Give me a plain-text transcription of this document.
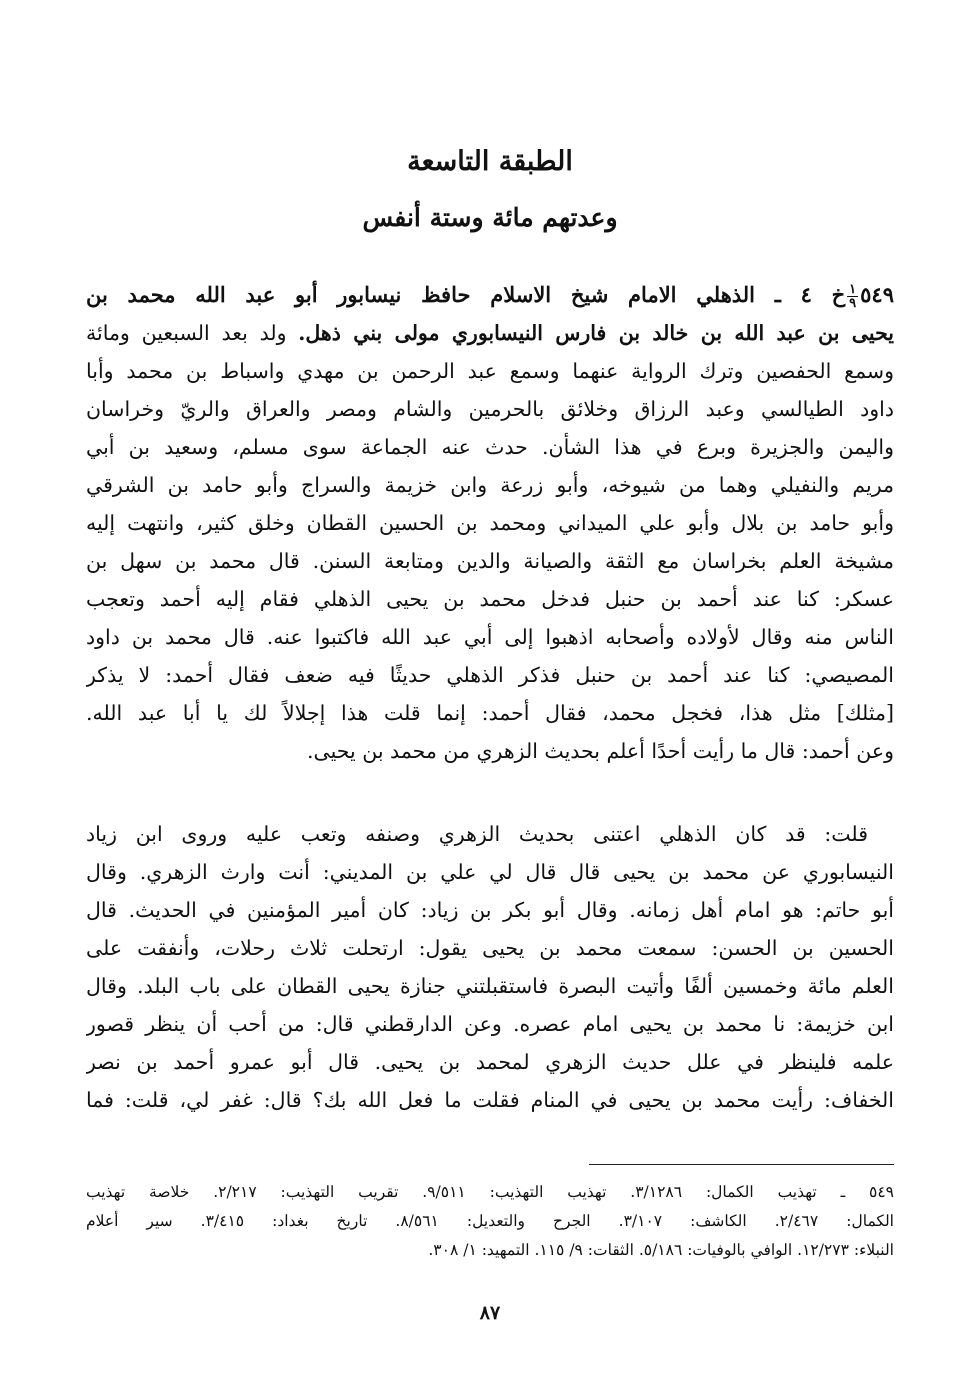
الطبقة التاسعة
وعدتهم مائة وستة أنفس
٥٤٩
$\frac{١}{٩}$
خ ٤ ـ الذهلي الامام شيخ الاسلام حافظ نيسابور أبو عبد الله محمد بن
يحيى بن عبد الله بن خالد بن فارس النيسابوري مولى بني ذهل. ولد بعد السبعين ومائة
وسمع الحفصين وترك الرواية عنهما وسمع عبد الرحمن بن مهدي واسباط بن محمد وأبا
داود الطيالسي وعبد الرزاق وخلائق بالحرمين والشام ومصر والعراق والريّ وخراسان
واليمن والجزيرة وبرع في هذا الشأن. حدث عنه الجماعة سوى مسلم، وسعيد بن أبي
مريم والنفيلي وهما من شيوخه، وأبو زرعة وابن خزيمة والسراج وأبو حامد بن الشرقي
وأبو حامد بن بلال وأبو علي الميداني ومحمد بن الحسين القطان وخلق كثير، وانتهت إليه
مشيخة العلم بخراسان مع الثقة والصيانة والدين ومتابعة السنن. قال محمد بن سهل بن
عسكر: كنا عند أحمد بن حنبل فدخل محمد بن يحيى الذهلي فقام إليه أحمد وتعجب
الناس منه وقال لأولاده وأصحابه اذهبوا إلى أبي عبد الله فاكتبوا عنه. قال محمد بن داود
المصيصي: كنا عند أحمد بن حنبل فذكر الذهلي حديثًا فيه ضعف فقال أحمد: لا يذكر
[مثلك] مثل هذا، فخجل محمد، فقال أحمد: إنما قلت هذا إجلالاً لك يا أبا عبد الله.
وعن أحمد: قال ما رأيت أحدًا أعلم بحديث الزهري من محمد بن يحيى.
قلت: قد كان الذهلي اعتنى بحديث الزهري وصنفه وتعب عليه وروى ابن زياد
النيسابوري عن محمد بن يحيى قال قال لي علي بن المديني: أنت وارث الزهري. وقال
أبو حاتم: هو امام أهل زمانه. وقال أبو بكر بن زياد: كان أمير المؤمنين في الحديث. قال
الحسين بن الحسن: سمعت محمد بن يحيى يقول: ارتحلت ثلاث رحلات، وأنفقت على
العلم مائة وخمسين ألفًا وأتيت البصرة فاستقبلتني جنازة يحيى القطان على باب البلد. وقال
ابن خزيمة: نا محمد بن يحيى امام عصره. وعن الدارقطني قال: من أحب أن ينظر قصور
علمه فلينظر في علل حديث الزهري لمحمد بن يحيى. قال أبو عمرو أحمد بن نصر
الخفاف: رأيت محمد بن يحيى في المنام فقلت ما فعل الله بك؟ قال: غفر لي، قلت: فما
٥٤٩ ـ تهذيب الكمال: ٣/١٢٨٦. تهذيب التهذيب: ٩/٥١١. تقريب التهذيب: ٢/٢١٧. خلاصة تهذيب
الكمال: ٢/٤٦٧. الكاشف: ٣/١٠٧. الجرح والتعديل: ٨/٥٦١. تاريخ بغداد: ٣/٤١٥. سير أعلام
النبلاء: ١٢/٢٧٣. الوافي بالوفيات: ٥/١٨٦. الثقات: ٩/ ١١٥. التمهيد: ١/ ٣٠٨.
٨٧
